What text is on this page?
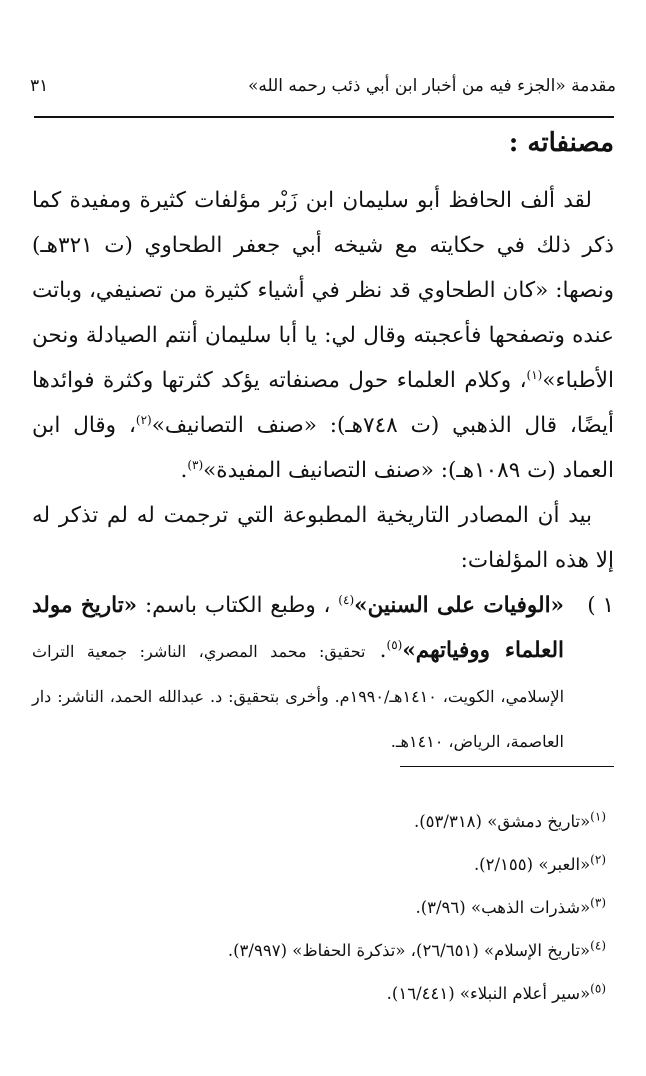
مقدمة «الجزء فيه من أخبار ابن أبي ذئب رحمه الله»
٣١
مصنفاته :

لقد ألف الحافظ أبو سليمان ابن زَبْر مؤلفات كثيرة ومفيدة كما ذكر ذلك في حكايته مع شيخه أبي جعفر الطحاوي (ت ٣٢١هـ) ونصها: «كان الطحاوي قد نظر في أشياء كثيرة من تصنيفي، وباتت عنده وتصفحها فأعجبته وقال لي: يا أبا سليمان أنتم الصيادلة ونحن الأطباء»$^{(١)}$، وكلام العلماء حول مصنفاته يؤكد كثرتها وكثرة فوائدها أيضًا، قال الذهبي (ت ٧٤٨هـ): «صنف التصانيف»$^{(٢)}$، وقال ابن العماد (ت ١٠٨٩هـ): «صنف التصانيف المفيدة»$^{(٣)}$.

بيد أن المصادر التاريخية المطبوعة التي ترجمت له لم تذكر له إلا هذه المؤلفات:

١ )
«الوفيات على السنين»$^{(٤)}$ ، وطبع الكتاب باسم: «تاريخ مولد العلماء ووفياتهم»$^{(٥)}$. تحقيق: محمد المصري، الناشر: جمعية التراث الإسلامي، الكويت، ١٤١٠هـ/١٩٩٠م. وأخرى بتحقيق: د. عبدالله الحمد، الناشر: دار العاصمة، الرياض، ١٤١٠هـ.
$^{(١)}$«تاريخ دمشق» (٥٣/٣١٨).
$^{(٢)}$«العبر» (٢/١٥٥).
$^{(٣)}$«شذرات الذهب» (٣/٩٦).
$^{(٤)}$«تاريخ الإسلام» (٢٦/٦٥١)، «تذكرة الحفاظ» (٣/٩٩٧).
$^{(٥)}$«سير أعلام النبلاء» (١٦/٤٤١).
